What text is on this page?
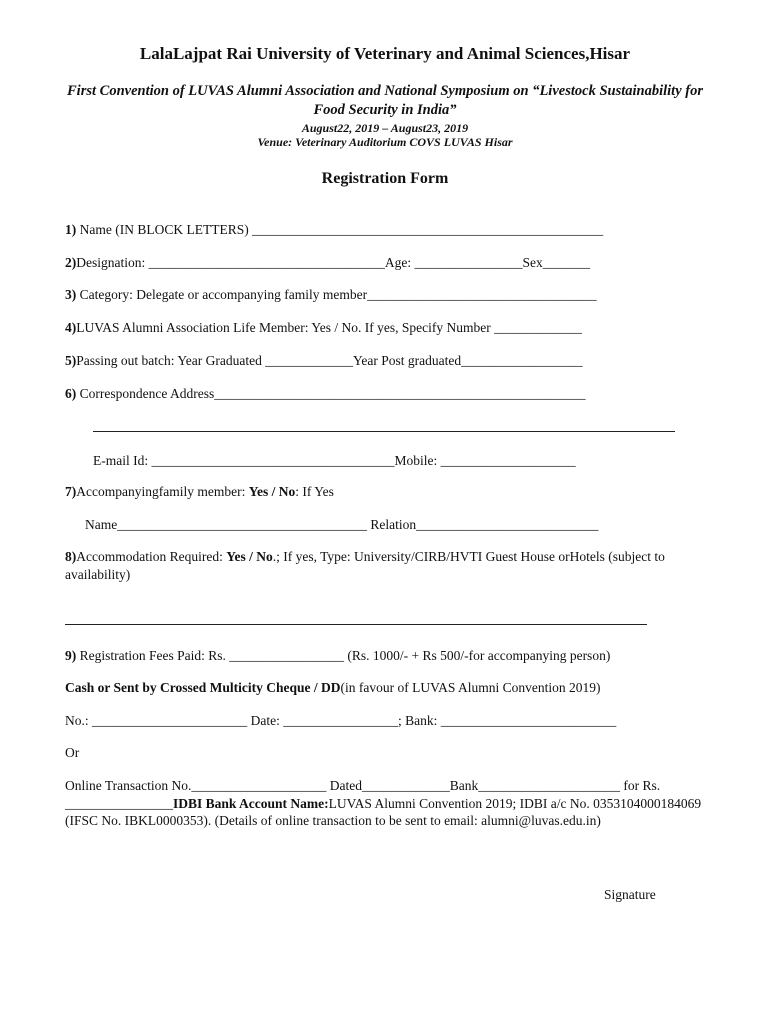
LalaLajpat Rai University of Veterinary and Animal Sciences,Hisar
First Convention of LUVAS Alumni Association and National Symposium on “Livestock Sustainability for Food Security in India”
August22, 2019 – August23, 2019
Venue: Veterinary Auditorium COVS LUVAS Hisar
Registration Form
1) Name (IN BLOCK LETTERS) ____________________________________________________
2)Designation: ___________________________________Age: ________________Sex_______
3) Category: Delegate or accompanying family member__________________________________
4)LUVAS Alumni Association Life Member: Yes / No. If yes, Specify Number _____________
5)Passing out batch: Year Graduated _____________Year Post graduated__________________
6) Correspondence Address_______________________________________________________
E-mail Id: ____________________________________Mobile: ____________________
7)Accompanyingfamily member: Yes / No: If Yes
Name_____________________________________ Relation___________________________
8)Accommodation Required: Yes / No.; If yes, Type: University/CIRB/HVTI Guest House orHotels (subject to availability)
9) Registration Fees Paid: Rs. _________________ (Rs. 1000/- + Rs 500/-for accompanying person)
Cash or Sent by Crossed Multicity Cheque / DD(in favour of LUVAS Alumni Convention 2019)
No.: _______________________ Date: _________________; Bank: __________________________
Or
Online Transaction No.____________________ Dated_____________Bank_____________________ for Rs. ________________IDBI Bank Account Name:LUVAS Alumni Convention 2019; IDBI a/c No. 0353104000184069 (IFSC No. IBKL0000353). (Details of online transaction to be sent to email: alumni@luvas.edu.in)
Signature
